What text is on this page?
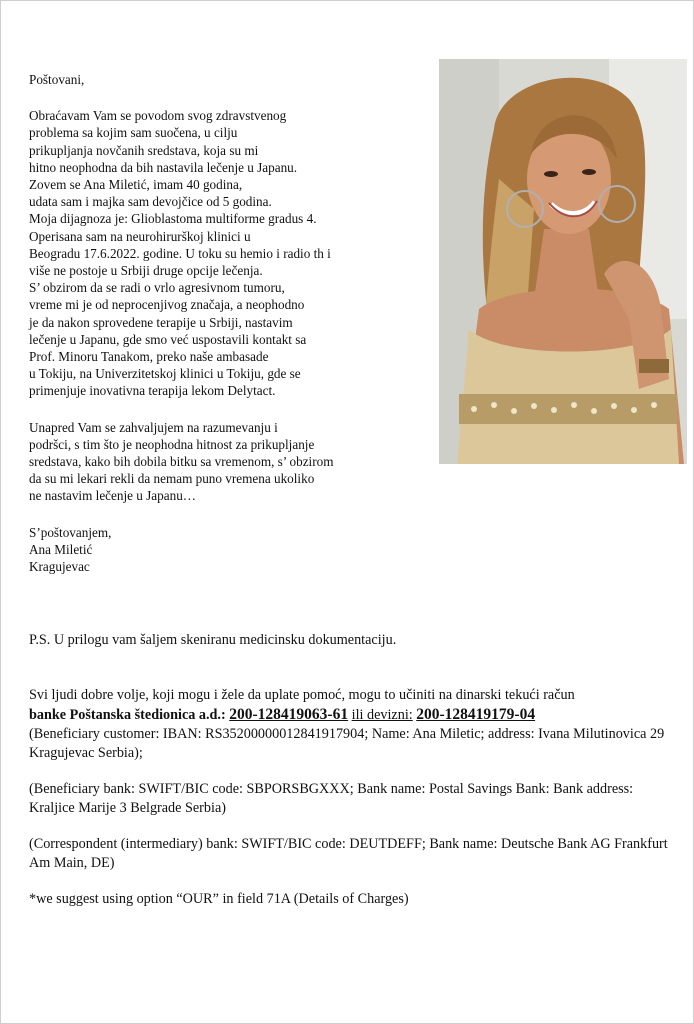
Poštovani,

Obraćavam Vam se povodom svog zdravstvenog

problema sa kojim sam suočena, u cilju

prikupljanja novčanih sredstava, koja su mi

hitno neophodna da bih nastavila lečenje u Japanu.

Zovem se Ana Miletić, imam 40 godina,

udata sam i majka sam devojčice od 5 godina.

Moja dijagnoza je: Glioblastoma multiforme gradus 4.

Operisana sam na neurohirurškoj klinici u

Beogradu 17.6.2022. godine. U toku su hemio i radio th i

više ne postoje u Srbiji druge opcije lečenja.

S’ obzirom da se radi o vrlo agresivnom tumoru,

vreme mi je od neprocenjivog značaja, a neophodno

je da nakon sprovedene terapije u Srbiji, nastavim

lečenje u Japanu, gde smo već uspostavili kontakt sa

Prof. Minoru Tanakom, preko naše ambasade

u Tokiju, na Univerzitetskoj klinici u Tokiju, gde se

primenjuje inovativna terapija lekom Delytact.

Unapred Vam se zahvaljujem na razumevanju i

podršci, s tim što je neophodna hitnost za prikupljanje

sredstava, kako bih dobila bitku sa vremenom, s’ obzirom

da su mi lekari rekli da nemam puno vremena ukoliko

ne nastavim lečenje u Japanu…

S’poštovanjem,

Ana Miletić

Kragujevac

P.S. U prilogu vam šaljem skeniranu medicinsku dokumentaciju.

Svi ljudi dobre volje, koji mogu i žele da uplate pomoć, mogu to učiniti na dinarski tekući račun

banke Poštanska štedionica a.d.: 200-128419063-61 ili devizni: 200-128419179-04

(Beneficiary customer: IBAN: RS35200000012841917904; Name: Ana Miletic; address: Ivana Milutinovica 29 Kragujevac Serbia);

(Beneficiary bank: SWIFT/BIC code: SBPORSBGXXX; Bank name: Postal Savings Bank: Bank address: Kraljice Marije 3 Belgrade Serbia)

(Correspondent (intermediary) bank: SWIFT/BIC code: DEUTDEFF; Bank name: Deutsche Bank AG Frankfurt Am Main, DE)

*we suggest using option “OUR” in field 71A (Details of Charges)
